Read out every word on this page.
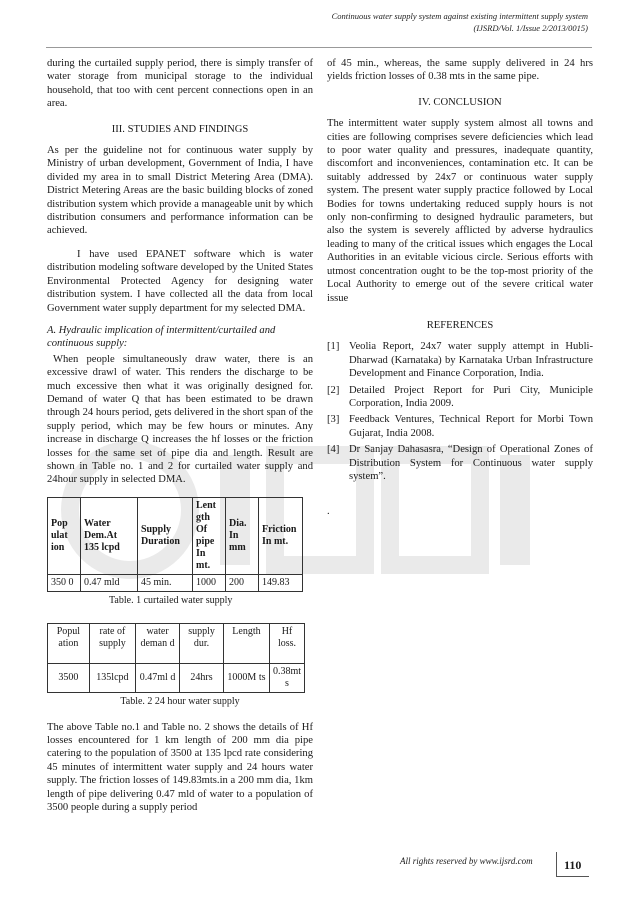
Continuous water supply system against existing intermittent supply system
(IJSRD/Vol. 1/Issue 2/2013/0015)

during the curtailed supply period, there is simply transfer of water storage from municipal storage to the individual household, that too with cent percent connections open in an area.

III. STUDIES AND FINDINGS

As per the guideline not for continuous water supply by Ministry of urban development, Government of India, I have divided my area in to small District Metering Area (DMA). District Metering Areas are the basic building blocks of zoned distribution system which provide a manageable unit by which distribution consumers and performance information can be achieved.

I have used EPANET software which is water distribution modeling software developed by the United States Environmental Protected Agency for designing water distribution system. I have collected all the data from local Government water supply department for my selected DMA.

A. Hydraulic implication of intermittent/curtailed and continuous supply:

When people simultaneously draw water, there is an excessive drawl of water. This renders the discharge to be much excessive then what it was originally designed for. Demand of water Q that has been estimated to be drawn through 24 hours period, gets delivered in the short span of the supply period, which may be few hours or minutes. Any increase in discharge Q increases the hf losses or the friction losses for the same set of pipe dia and length. Result are shown in Table no. 1 and 2 for curtailed water supply and 24hour supply in selected DMA.

Pop ulat ion	Water Dem.At 135 lcpd	Supply Duration	Lent gth Of pipe In mt.	Dia. In mm	Friction In mt.
350 0	0.47 mld	45 min.	1000	200	149.83

Table. 1 curtailed water supply

Popul ation	rate of supply	water deman d	supply dur.	Length	Hf loss.
3500	135lcpd	0.47ml d	24hrs	1000M ts	0.38mt s

Table. 2 24 hour water supply

The above Table no.1 and Table no. 2 shows the details of Hf losses encountered for 1 km length of 200 mm dia pipe catering to the population of 3500 at 135 lpcd rate considering 45 minutes of intermittent water supply and 24 hours water supply. The friction losses of 149.83mts.in a 200 mm dia, 1km length of pipe delivering 0.47 mld of water to a population of 3500 people during a supply period

of 45 min., whereas, the same supply delivered in 24 hrs yields friction losses of 0.38 mts in the same pipe.

IV. CONCLUSION

The intermittent water supply system almost all towns and cities are following comprises severe deficiencies which lead to poor water quality and pressures, inadequate quantity, discomfort and inconveniences, contamination etc. It can be suitably addressed by 24x7 or continuous water supply system. The present water supply practice followed by Local Bodies for towns undertaking reduced supply hours is not only non-confirming to designed hydraulic parameters, but also the system is severely afflicted by adverse hydraulics leading to many of the critical issues which engages the Local Authorities in an evitable vicious circle. Serious efforts with utmost concentration ought to be the top-most priority of the Local Authority to emerge out of the severe critical water issue

REFERENCES

[1] Veolia Report, 24x7 water supply attempt in Hubli-Dharwad (Karnataka) by Karnataka Urban Infrastructure Development and Finance Corporation, India.
[2] Detailed Project Report for Puri City, Municiple Corporation, India 2009.
[3] Feedback Ventures, Technical Report for Morbi Town Gujarat, India 2008.
[4] Dr Sanjay Dahasasra, “Design of Operational Zones of Distribution System for Continuous water supply system”.

.

All rights reserved by www.ijsrd.com	110
